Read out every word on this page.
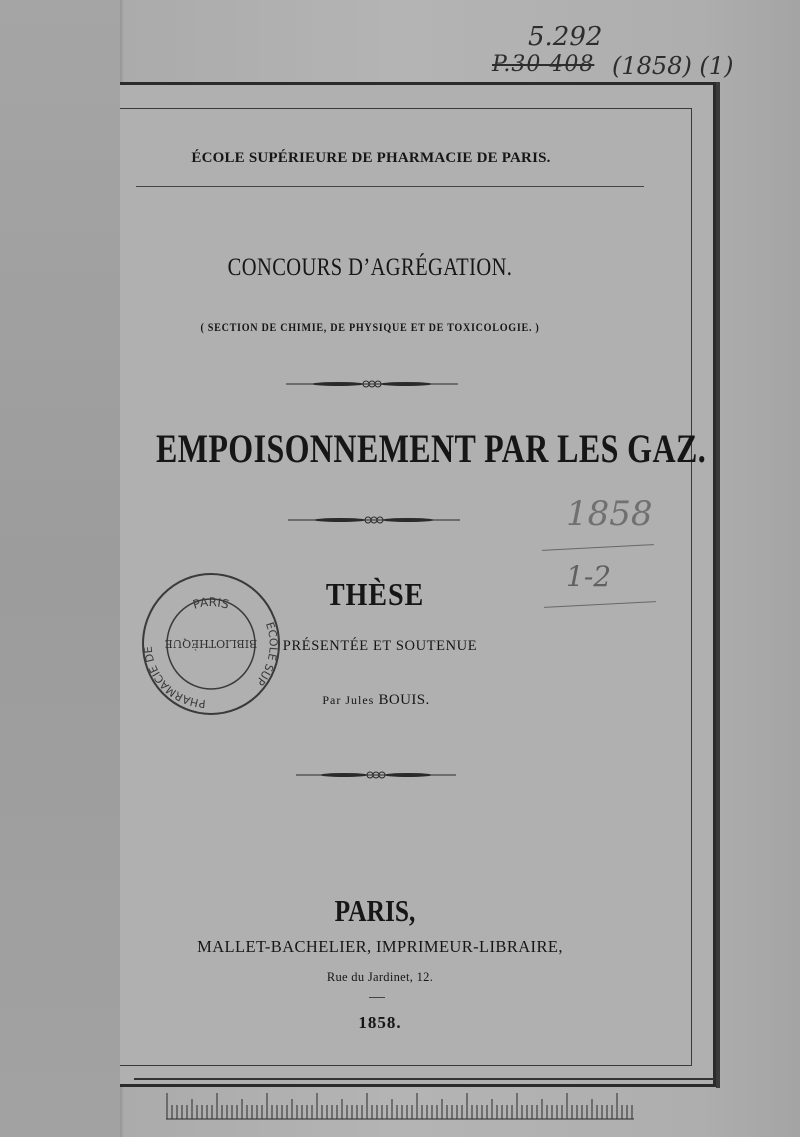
5.292
P.30 408 (1858) (1)
1858
1-2
ÉCOLE SUPÉRIEURE DE PHARMACIE DE PARIS.
CONCOURS D’AGRÉGATION.
( SECTION DE CHIMIE, DE PHYSIQUE ET DE TOXICOLOGIE. )
EMPOISONNEMENT PAR LES GAZ.
THÈSE
PRÉSENTÉE ET SOUTENUE
Par Jules BOUIS.
PARIS
PHARMACIE DE
ECOLE SUP
BIBLIOTHÈQUE
PARIS,
MALLET-BACHELIER, IMPRIMEUR-LIBRAIRE,
Rue du Jardinet, 12.
1858.
